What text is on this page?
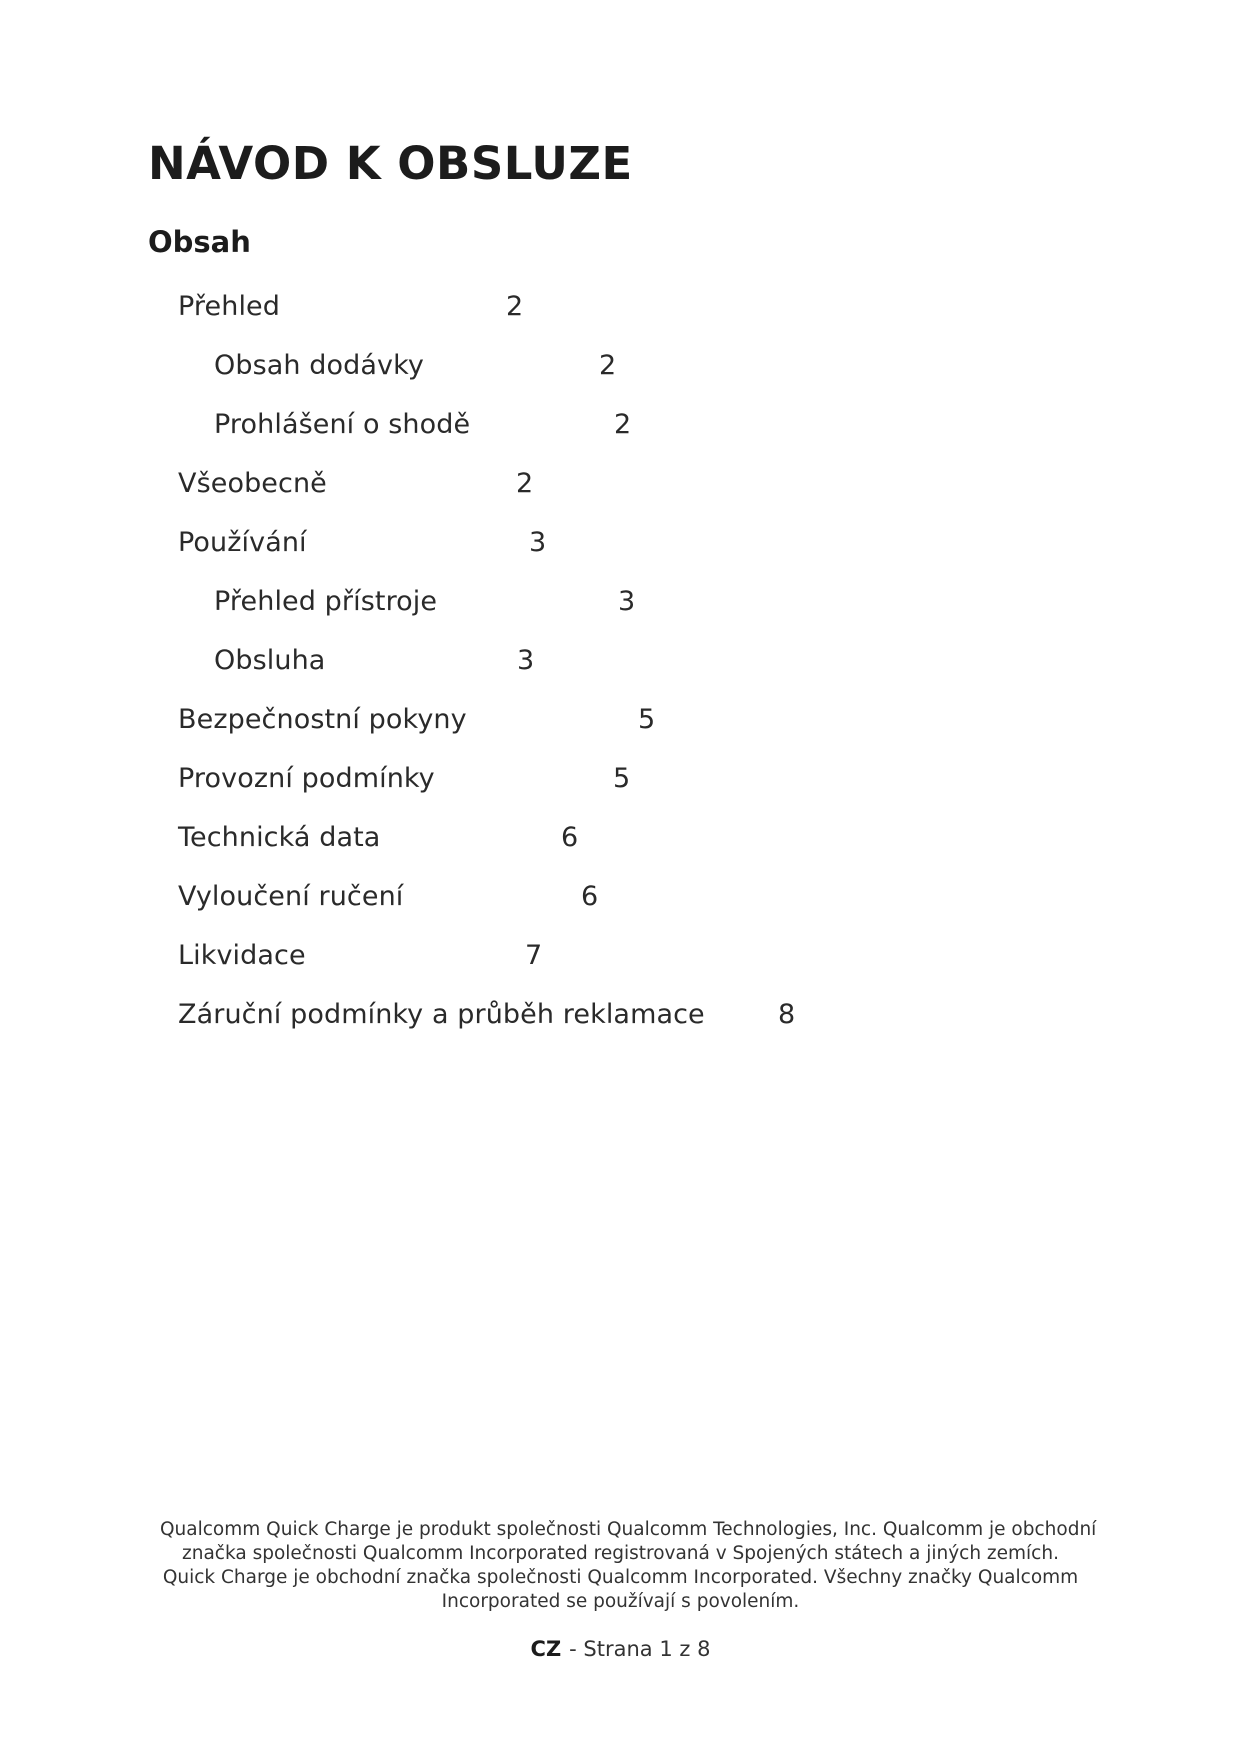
NÁVOD K OBSLUZE
Obsah
Přehled	2
Obsah dodávky	2
Prohlášení o shodě	2
Všeobecně	2
Používání	3
Přehled přístroje	3
Obsluha	3
Bezpečnostní pokyny	5
Provozní podmínky	5
Technická data	6
Vyloučení ručení	6
Likvidace	7
Záruční podmínky a průběh reklamace	8

Qualcomm Quick Charge je produkt společnosti Qualcomm Technologies, Inc. Qualcomm je obchodní
značka společnosti Qualcomm Incorporated registrovaná v Spojených státech a jiných zemích.
Quick Charge je obchodní značka společnosti Qualcomm Incorporated. Všechny značky Qualcomm
Incorporated se používají s povolením.

CZ - Strana 1 z 8
